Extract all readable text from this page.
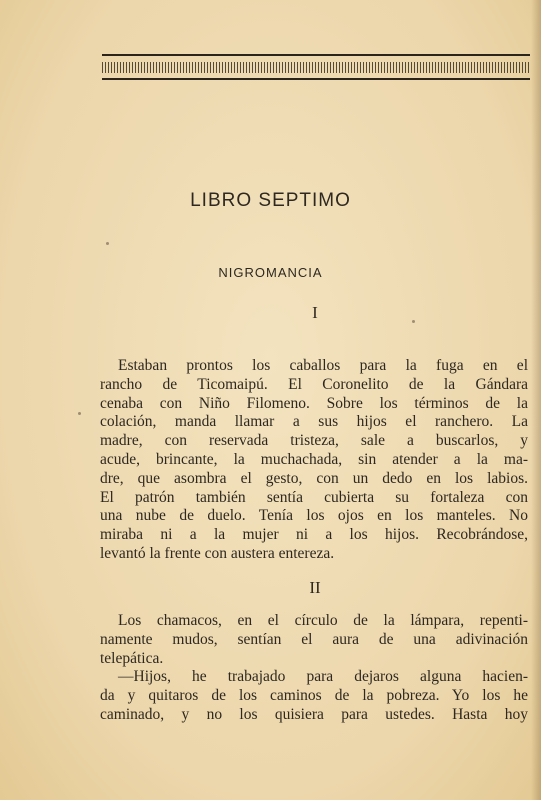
LIBRO SEPTIMO
NIGROMANCIA
I
Estaban prontos los caballos para la fuga en el
rancho de Ticomaipú. El Coronelito de la Gándara
cenaba con Niño Filomeno. Sobre los términos de la
colación, manda llamar a sus hijos el ranchero. La
madre, con reservada tristeza, sale a buscarlos, y
acude, brincante, la muchachada, sin atender a la ma-
dre, que asombra el gesto, con un dedo en los labios.
El patrón también sentía cubierta su fortaleza con
una nube de duelo. Tenía los ojos en los manteles. No
miraba ni a la mujer ni a los hijos. Recobrándose,
levantó la frente con austera entereza.
II
Los chamacos, en el círculo de la lámpara, repenti-
namente mudos, sentían el aura de una adivinación
telepática.
—Hijos, he trabajado para dejaros alguna hacien-
da y quitaros de los caminos de la pobreza. Yo los he
caminado, y no los quisiera para ustedes. Hasta hoy
